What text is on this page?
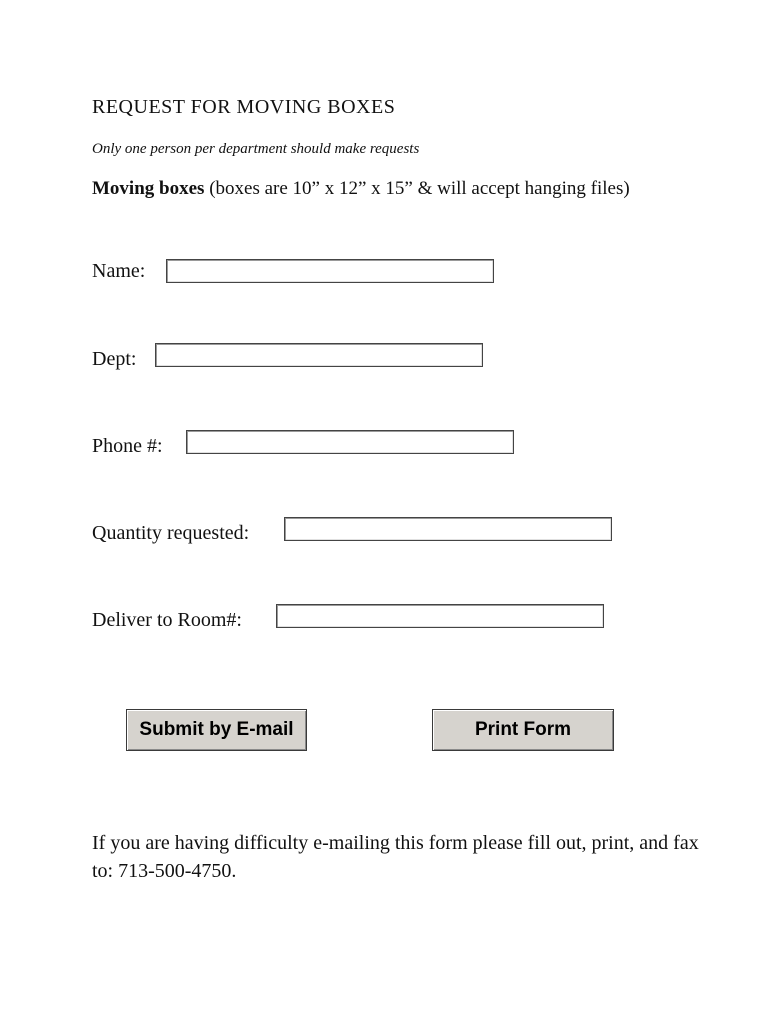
REQUEST FOR MOVING BOXES
Only one person per department should make requests
Moving boxes (boxes are 10” x 12” x 15” & will accept hanging files)
Name:
Dept:
Phone #:
Quantity requested:
Deliver to Room#:
Submit by E-mail	Print Form
If you are having difficulty e-mailing this form please fill out, print, and fax to: 713-500-4750.
